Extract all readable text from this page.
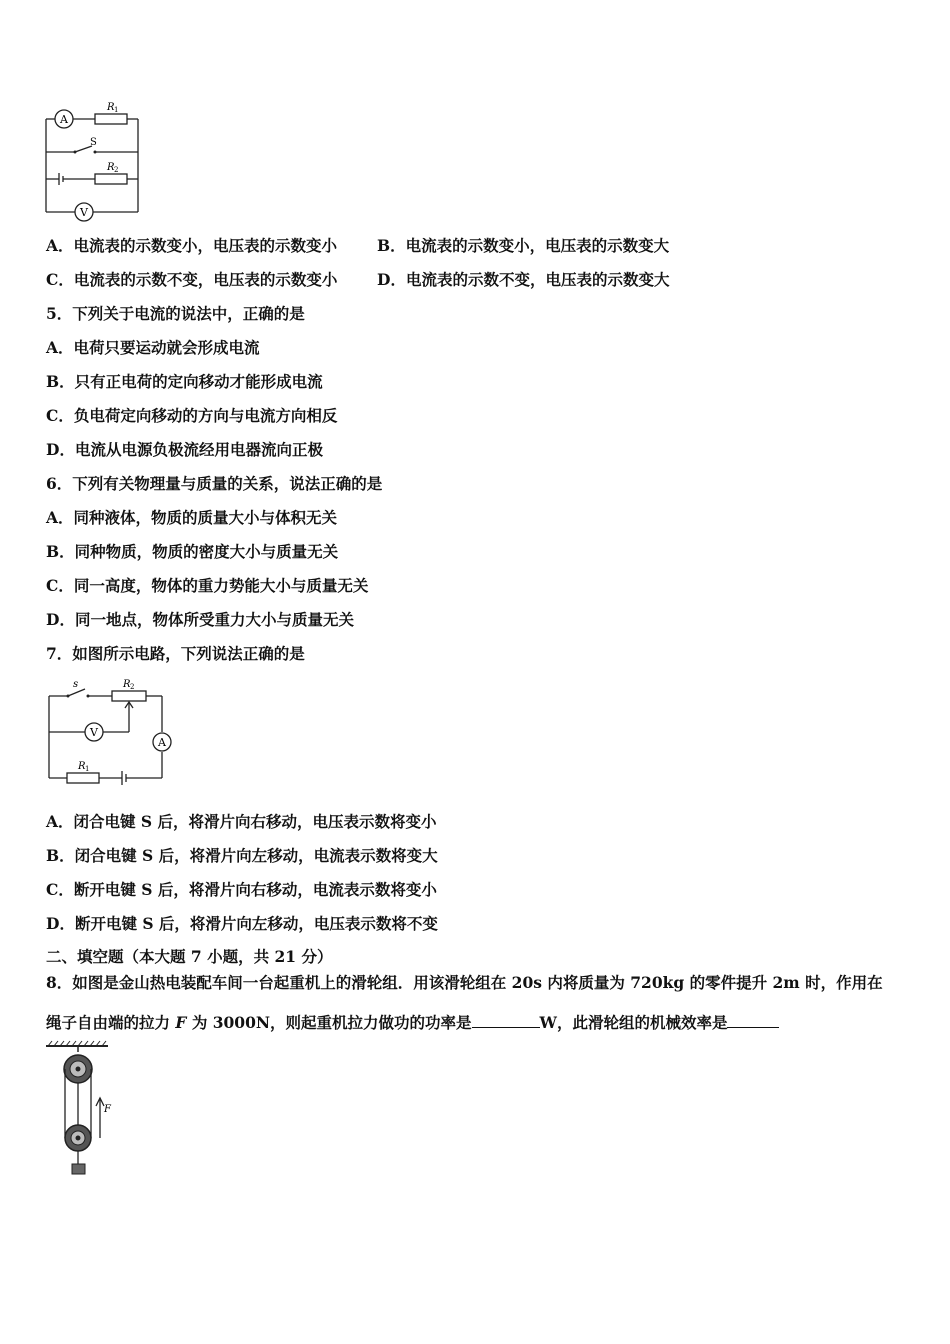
A
V
R 1
R 2
S
A．电流表的示数变小，电压表的示数变小	B．电流表的示数变小，电压表的示数变大
C．电流表的示数不变，电压表的示数变小	D．电流表的示数不变，电压表的示数变大
5．下列关于电流的说法中，正确的是
A．电荷只要运动就会形成电流
B．只有正电荷的定向移动才能形成电流
C．负电荷定向移动的方向与电流方向相反
D．电流从电源负极流经用电器流向正极
6．下列有关物理量与质量的关系，说法正确的是
A．同种液体，物质的质量大小与体积无关
B．同种物质，物质的密度大小与质量无关
C．同一高度，物体的重力势能大小与质量无关
D．同一地点，物体所受重力大小与质量无关
7．如图所示电路，下列说法正确的是
V
A
s	R 2
R 1
A．闭合电键 S 后，将滑片向右移动，电压表示数将变小
B．闭合电键 S 后，将滑片向左移动，电流表示数将变大
C．断开电键 S 后，将滑片向右移动，电流表示数将变小
D．断开电键 S 后，将滑片向左移动，电压表示数将不变
二、填空题（本大题 7 小题，共 21 分）
8．如图是金山热电装配车间一台起重机上的滑轮组．用该滑轮组在 20s 内将质量为 720kg 的零件提升 2m 时，作用在
绳子自由端的拉力 F 为 3000N，则起重机拉力做功的功率是	W，此滑轮组的机械效率是
F
